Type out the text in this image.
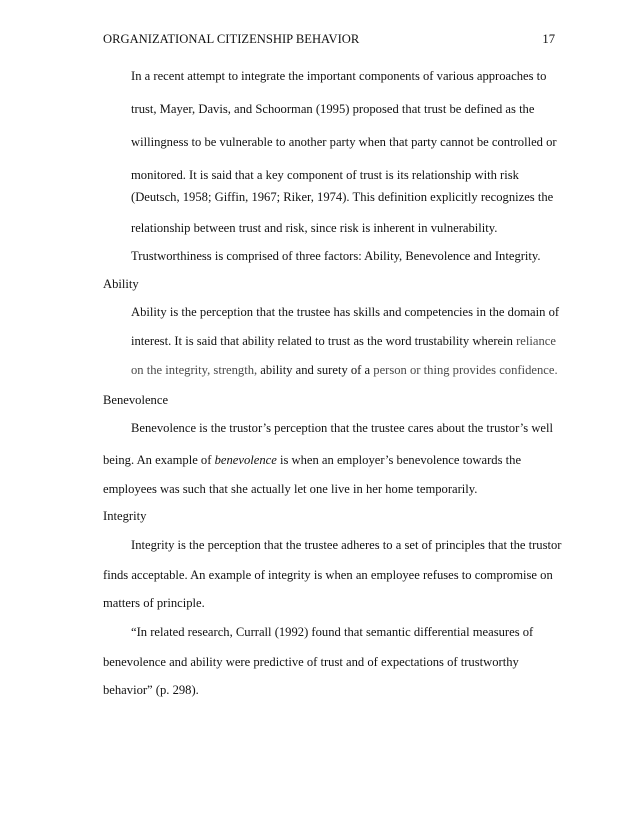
ORGANIZATIONAL CITIZENSHIP BEHAVIOR	17
In a recent attempt to integrate the important components of various approaches to
trust, Mayer, Davis, and Schoorman (1995) proposed that trust be defined as the
willingness to be vulnerable to another party when that party cannot be controlled or
monitored. It is said that a key component of trust is its relationship with risk
(Deutsch, 1958; Giffin, 1967; Riker, 1974). This definition explicitly recognizes the
relationship between trust and risk, since risk is inherent in vulnerability.
Trustworthiness is comprised of three factors: Ability, Benevolence and Integrity.
Ability
Ability is the perception that the trustee has skills and competencies in the domain of
interest. It is said that ability related to trust as the word trustability wherein reliance
on the integrity, strength, ability and surety of a person or thing provides confidence.
Benevolence
Benevolence is the trustor’s perception that the trustee cares about the trustor’s well
being. An example of benevolence is when an employer’s benevolence towards the
employees was such that she actually let one live in her home temporarily.
Integrity
Integrity is the perception that the trustee adheres to a set of principles that the trustor
finds acceptable. An example of integrity is when an employee refuses to compromise on
matters of principle.
“In related research, Currall (1992) found that semantic differential measures of
benevolence and ability were predictive of trust and of expectations of trustworthy
behavior” (p. 298).
